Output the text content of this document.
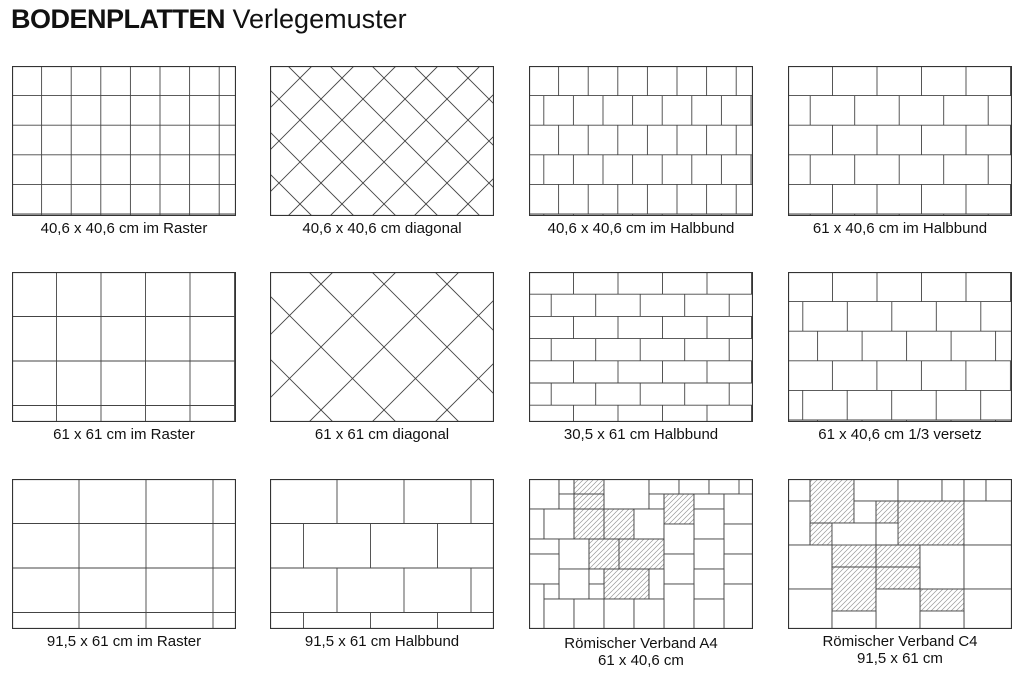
BODENPLATTEN Verlegemuster
40,6 x 40,6 cm im Raster	40,6 x 40,6 cm diagonal	40,6 x 40,6 cm im Halbbund	61 x 40,6 cm im Halbbund
61 x 61 cm im Raster	61 x 61 cm diagonal	30,5 x 61 cm Halbbund	61 x 40,6 cm 1/3 versetz
91,5 x 61 cm im Raster	91,5 x 61 cm Halbbund	Römischer Verband A4
61 x 40,6 cm
Römischer Verband C4
91,5 x 61 cm
